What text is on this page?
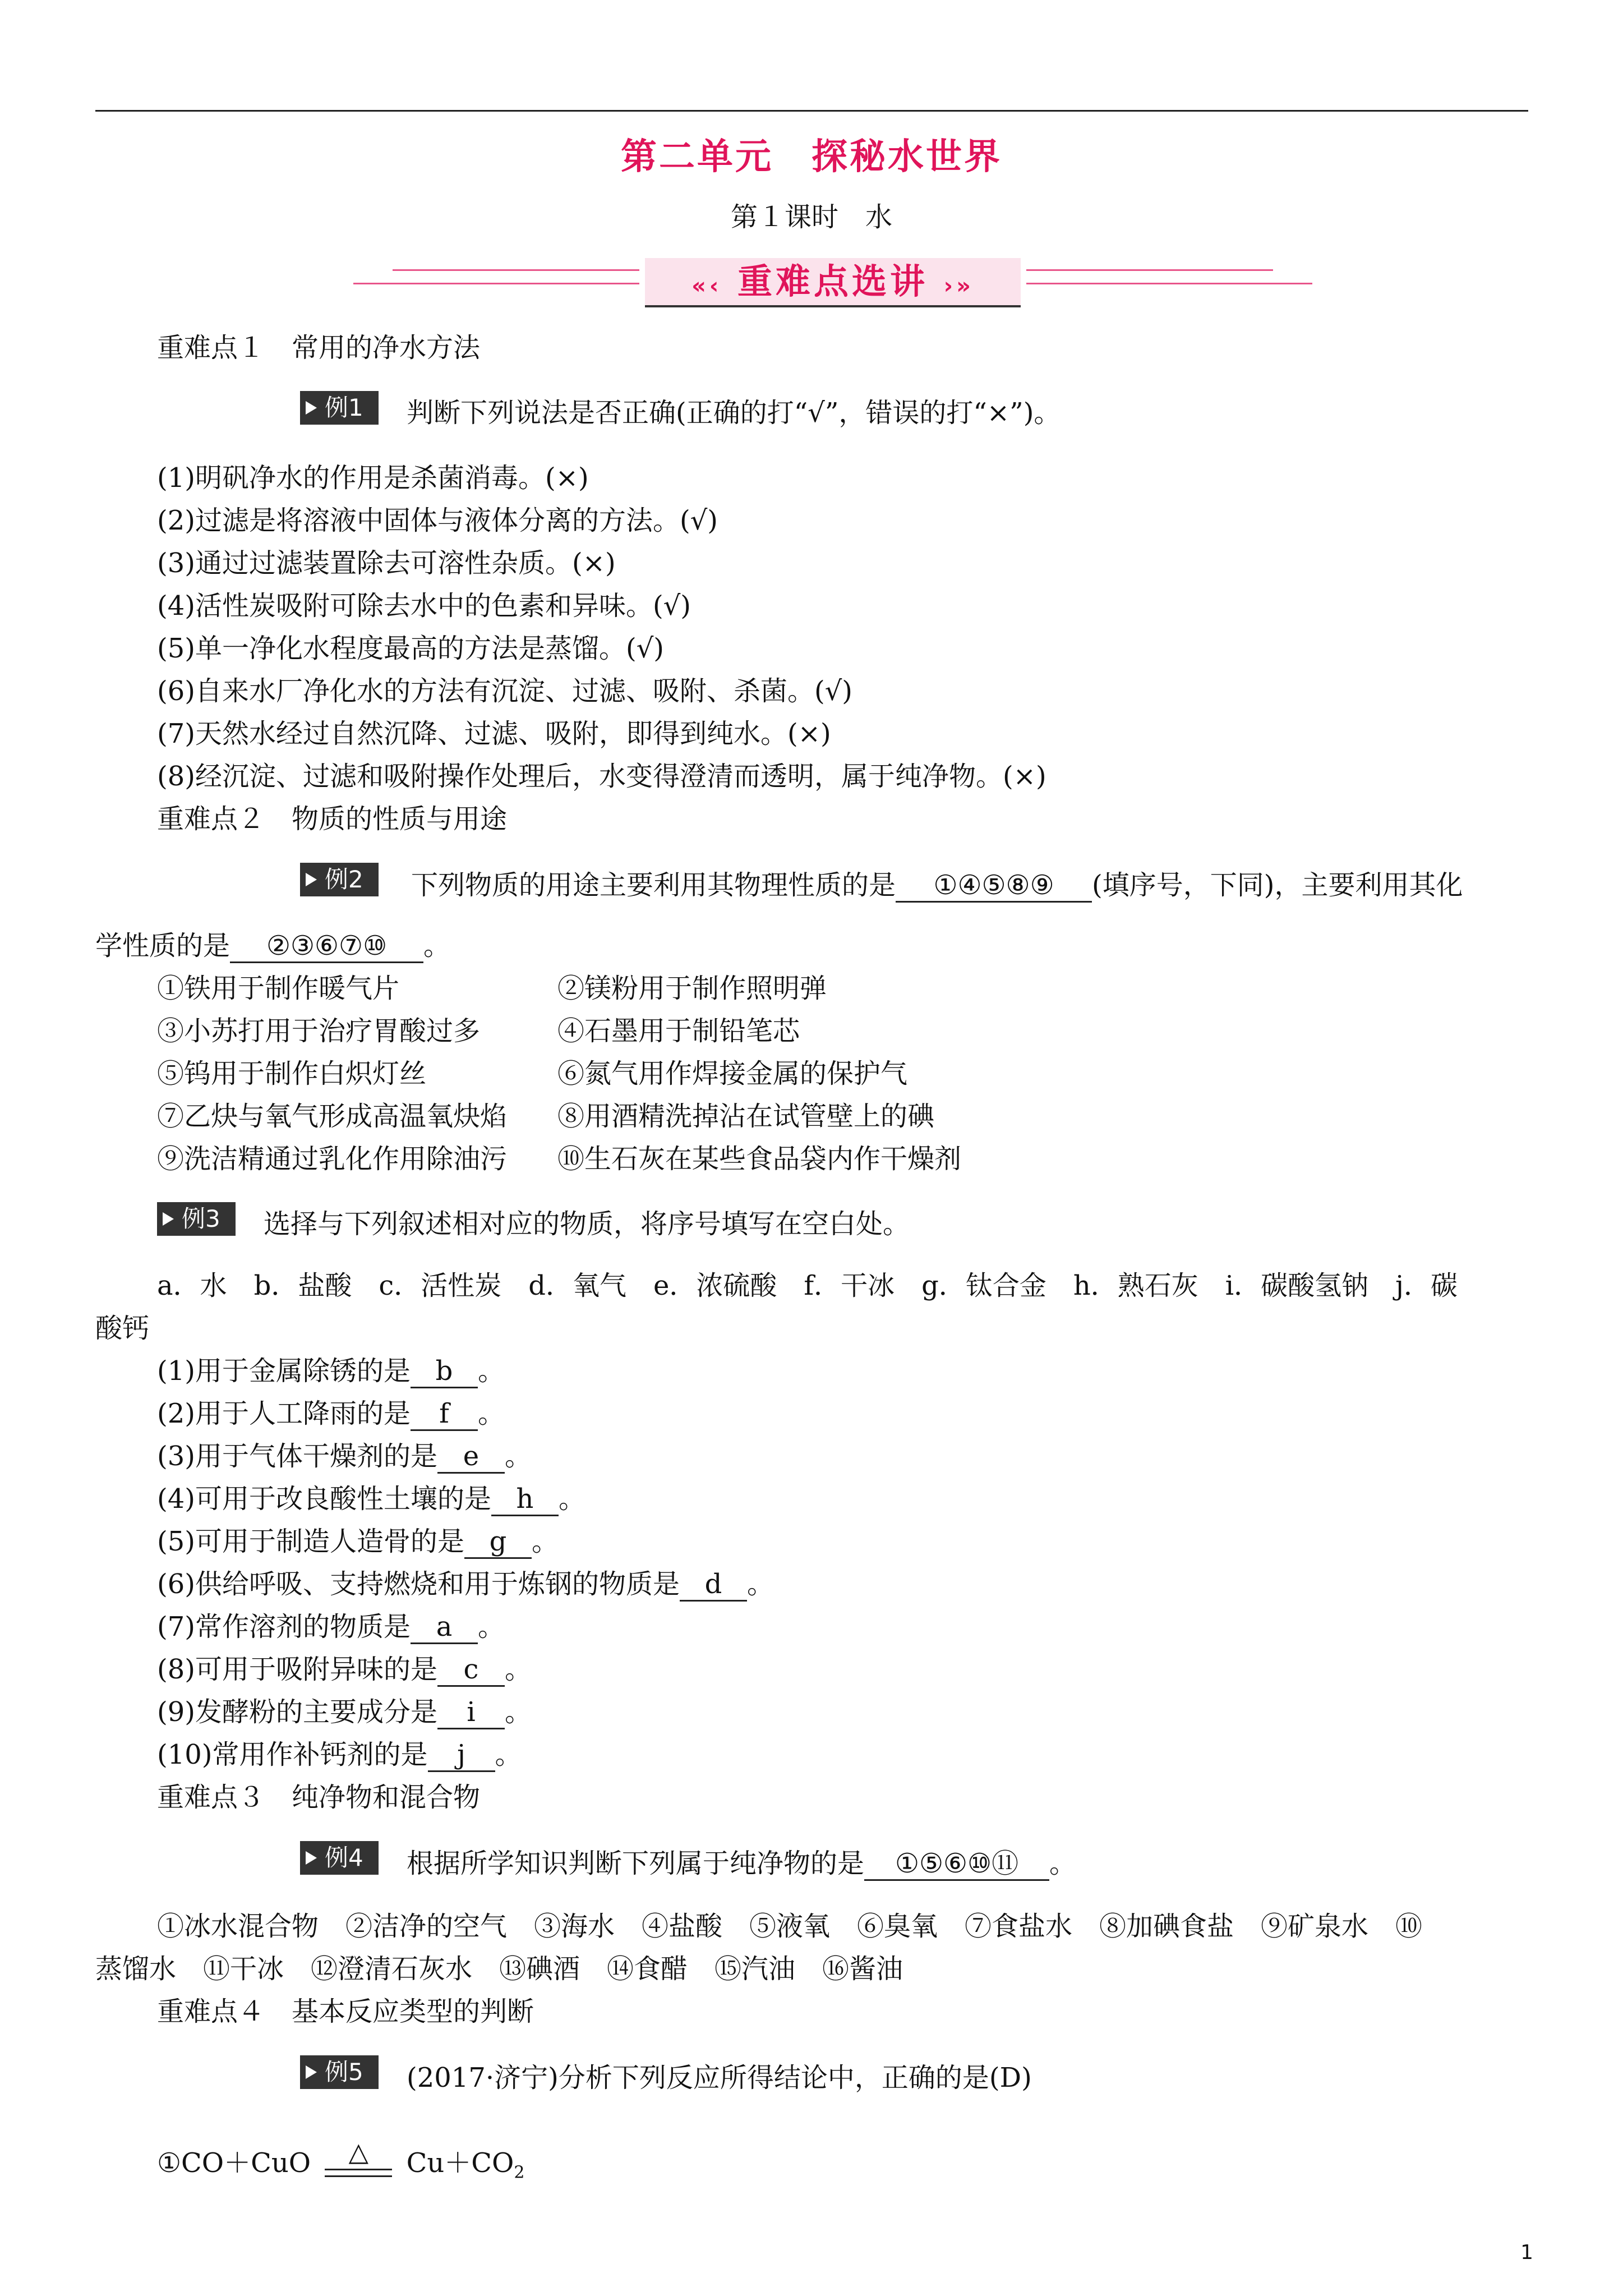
第二单元　探秘水世界
第１课时　水
«‹ 重难点选讲 ›»
重难点１　常用的净水方法
例1 判断下列说法是否正确(正确的打“√”，错误的打“×”)。
(1)明矾净水的作用是杀菌消毒。(×)
(2)过滤是将溶液中固体与液体分离的方法。(√)
(3)通过过滤装置除去可溶性杂质。(×)
(4)活性炭吸附可除去水中的色素和异味。(√)
(5)单一净化水程度最高的方法是蒸馏。(√)
(6)自来水厂净化水的方法有沉淀、过滤、吸附、杀菌。(√)
(7)天然水经过自然沉降、过滤、吸附，即得到纯水。(×)
(8)经沉淀、过滤和吸附操作处理后，水变得澄清而透明，属于纯净物。(×)
重难点２　物质的性质与用途
例2 下列物质的用途主要利用其物理性质的是 ①④⑤⑧⑨ (填序号，下同)，主要利用其化
学性质的是 ②③⑥⑦⑩ 。
①铁用于制作暖气片	②镁粉用于制作照明弹
③小苏打用于治疗胃酸过多	④石墨用于制铅笔芯
⑤钨用于制作白炽灯丝	⑥氮气用作焊接金属的保护气
⑦乙炔与氧气形成高温氧炔焰 ⑧用酒精洗掉沾在试管壁上的碘
⑨洗洁精通过乳化作用除油污 ⑩生石灰在某些食品袋内作干燥剂
例3 选择与下列叙述相对应的物质，将序号填写在空白处。
a．水　b．盐酸　c．活性炭　d．氧气　e．浓硫酸　f．干冰　g．钛合金　h．熟石灰　i．碳酸氢钠　j．碳
酸钙
(1)用于金属除锈的是 b 。
(2)用于人工降雨的是 f 。
(3)用于气体干燥剂的是 e 。
(4)可用于改良酸性土壤的是 h 。
(5)可用于制造人造骨的是 g 。
(6)供给呼吸、支持燃烧和用于炼钢的物质是 d 。
(7)常作溶剂的物质是 a 。
(8)可用于吸附异味的是 c 。
(9)发酵粉的主要成分是 i 。
(10)常用作补钙剂的是 j 。
重难点３　纯净物和混合物
例4 根据所学知识判断下列属于纯净物的是 ①⑤⑥⑩⑪ 。
①冰水混合物　②洁净的空气　③海水　④盐酸　⑤液氧　⑥臭氧　⑦食盐水　⑧加碘食盐　⑨矿泉水　⑩
蒸馏水　⑪干冰　⑫澄清石灰水　⑬碘酒　⑭食醋　⑮汽油　⑯酱油
重难点４　基本反应类型的判断
例5 (2017·济宁)分析下列反应所得结论中，正确的是(D)
①CO＋CuO	△	$Cu+CO_2$
1
